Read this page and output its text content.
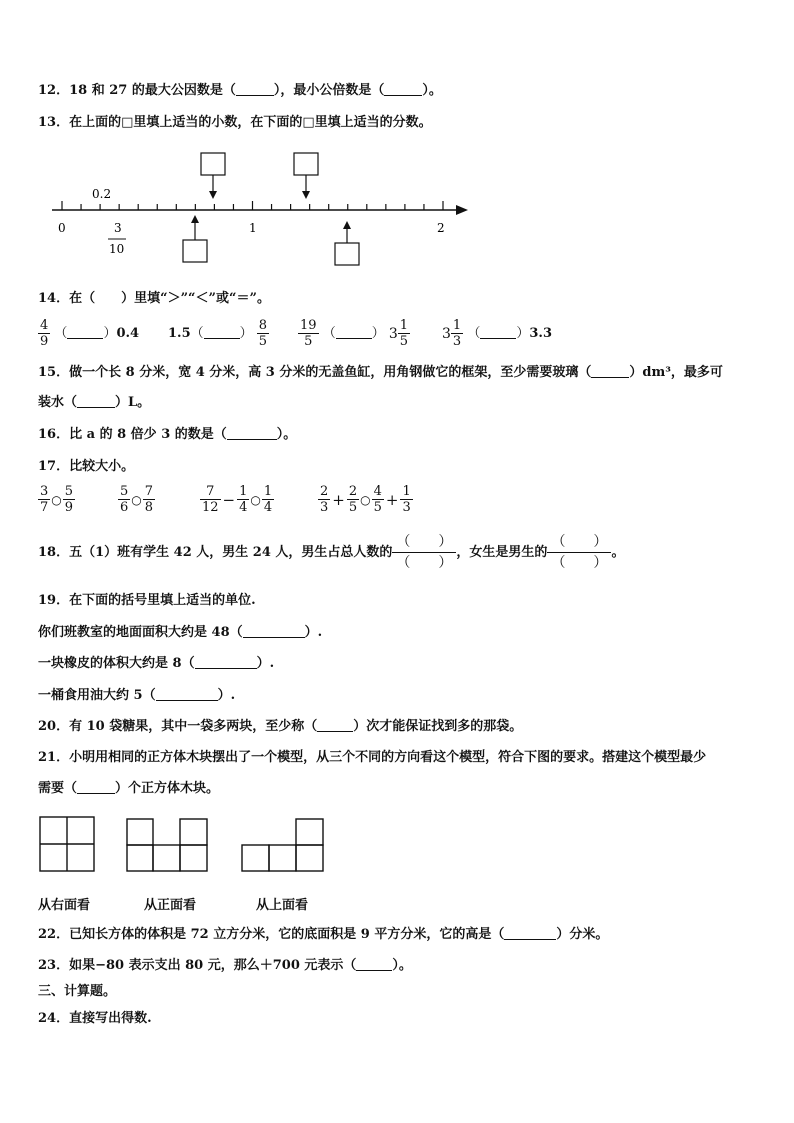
12．18 和 27 的最大公因数是（	），最小公倍数是（	）。
13．在上面的□里填上适当的小数，在下面的□里填上适当的分数。
0.2
0	1	2
3
10
14．在（　　）里填“＞”“＜”或“＝”。
$\frac{4}{9}$ （	）0.4 1.5（	） $\frac{8}{5} \frac{19}{5}$ （	） $3 \frac{1}{5} 3 \frac{1}{3}$ （	）3.3
15．做一个长 8 分米，宽 4 分米，高 3 分米的无盖鱼缸，用角钢做它的框架，至少需要玻璃（	）dm³，最多可
装水（	）L。
16．比 a 的 8 倍少 3 的数是（	）。
17．比较大小。
$\frac{3}{7}$ ○ $\frac{5}{9}$	$\frac{5}{6}$ ○ $\frac{7}{8}$	$\frac{7}{12} - \frac{1}{4}$ ○ $\frac{1}{4}$	$\frac{2}{3} + \frac{2}{5}$ ○ $\frac{4}{5} + \frac{1}{3}$
18．五（1）班有学生 42 人，男生 24 人，男生占总人数的
（　　）
（　　），女生是男生的
（　　）
（　　）。
19．在下面的括号里填上适当的单位.
你们班教室的地面面积大约是 48（	）.
一块橡皮的体积大约是 8（	）.
一桶食用油大约 5（	）.
20．有 10 袋糖果，其中一袋多两块，至少称（	）次才能保证找到多的那袋。
21．小明用相同的正方体木块摆出了一个模型，从三个不同的方向看这个模型，符合下图的要求。搭建这个模型最少
需要（	）个正方体木块。
从右面看	从正面看	从上面看
22．已知长方体的体积是 72 立方分米，它的底面积是 9 平方分米，它的高是（	）分米。
23．如果−80 表示支出 80 元，那么＋700 元表示（	）。
三、计算题。
24．直接写出得数.
